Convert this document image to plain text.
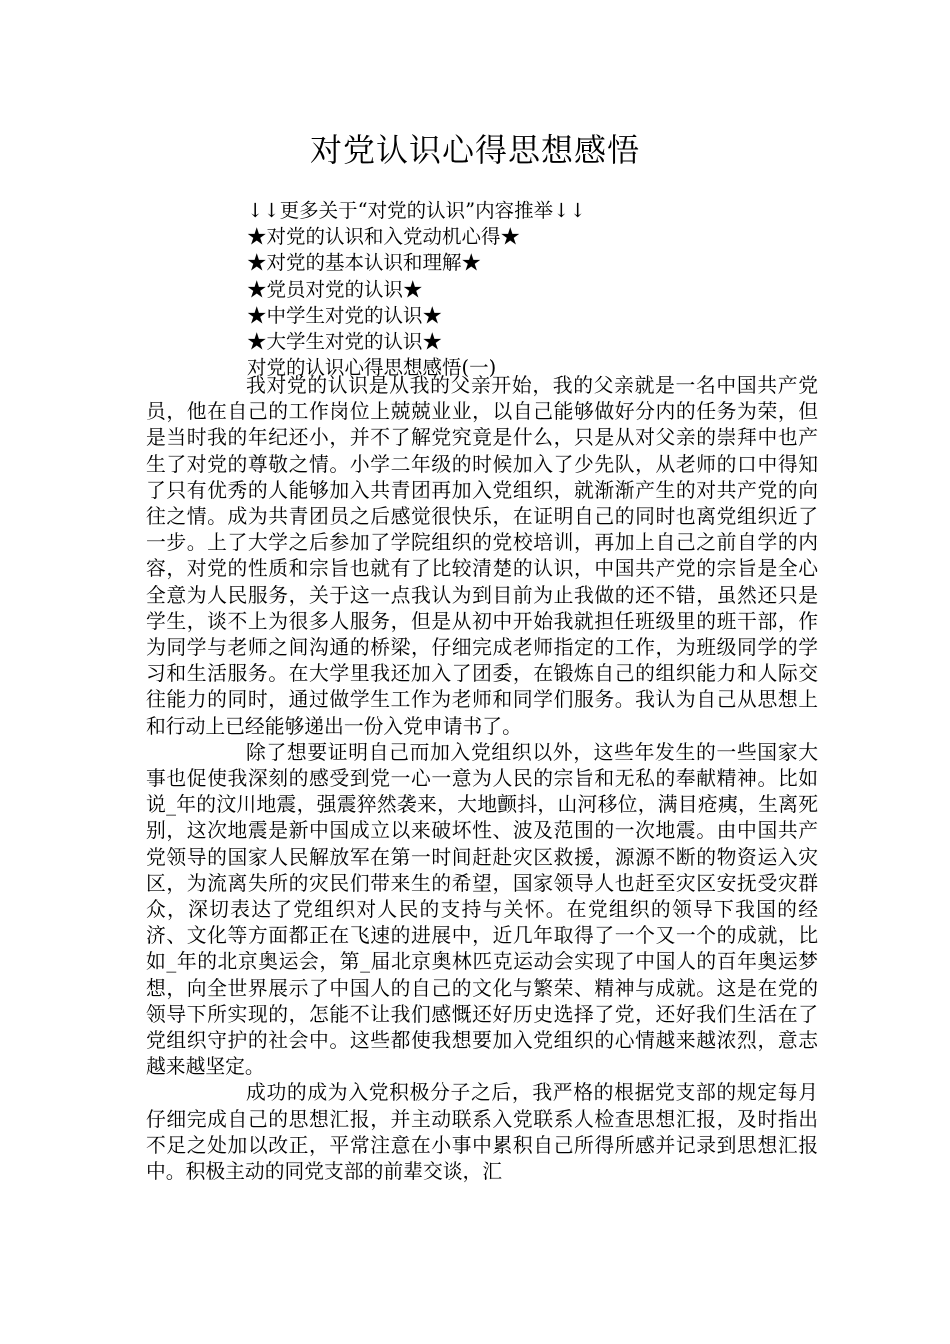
对党认识心得思想感悟
↓↓更多关于“对党的认识”内容推举↓↓
★对党的认识和入党动机心得★
★对党的基本认识和理解★
★党员对党的认识★
★中学生对党的认识★
★大学生对党的认识★
对党的认识心得思想感悟(一)

我对党的认识是从我的父亲开始，我的父亲就是一名中国共产党员，他在自己的工作岗位上兢兢业业，以自己能够做好分内的任务为荣，但是当时我的年纪还小，并不了解党究竟是什么，只是从对父亲的崇拜中也产生了对党的尊敬之情。小学二年级的时候加入了少先队，从老师的口中得知了只有优秀的人能够加入共青团再加入党组织，就渐渐产生的对共产党的向往之情。成为共青团员之后感觉很快乐，在证明自己的同时也离党组织近了一步。上了大学之后参加了学院组织的党校培训，再加上自己之前自学的内容，对党的性质和宗旨也就有了比较清楚的认识，中国共产党的宗旨是全心全意为人民服务，关于这一点我认为到目前为止我做的还不错，虽然还只是学生，谈不上为很多人服务，但是从初中开始我就担任班级里的班干部，作为同学与老师之间沟通的桥梁，仔细完成老师指定的工作，为班级同学的学习和生活服务。在大学里我还加入了团委，在锻炼自己的组织能力和人际交往能力的同时，通过做学生工作为老师和同学们服务。我认为自己从思想上和行动上已经能够递出一份入党申请书了。

除了想要证明自己而加入党组织以外，这些年发生的一些国家大事也促使我深刻的感受到党一心一意为人民的宗旨和无私的奉献精神。比如说_年的汶川地震，强震猝然袭来，大地颤抖，山河移位，满目疮痍，生离死别，这次地震是新中国成立以来破坏性、波及范围的一次地震。由中国共产党领导的国家人民解放军在第一时间赶赴灾区救援，源源不断的物资运入灾区，为流离失所的灾民们带来生的希望，国家领导人也赶至灾区安抚受灾群众，深切表达了党组织对人民的支持与关怀。在党组织的领导下我国的经济、文化等方面都正在飞速的进展中，近几年取得了一个又一个的成就，比如_年的北京奥运会，第_届北京奥林匹克运动会实现了中国人的百年奥运梦想，向全世界展示了中国人的自己的文化与繁荣、精神与成就。这是在党的领导下所实现的，怎能不让我们感慨还好历史选择了党，还好我们生活在了党组织守护的社会中。这些都使我想要加入党组织的心情越来越浓烈，意志越来越坚定。

成功的成为入党积极分子之后，我严格的根据党支部的规定每月仔细完成自己的思想汇报，并主动联系入党联系人检查思想汇报，及时指出不足之处加以改正，平常注意在小事中累积自己所得所感并记录到思想汇报中。积极主动的同党支部的前辈交谈，汇
